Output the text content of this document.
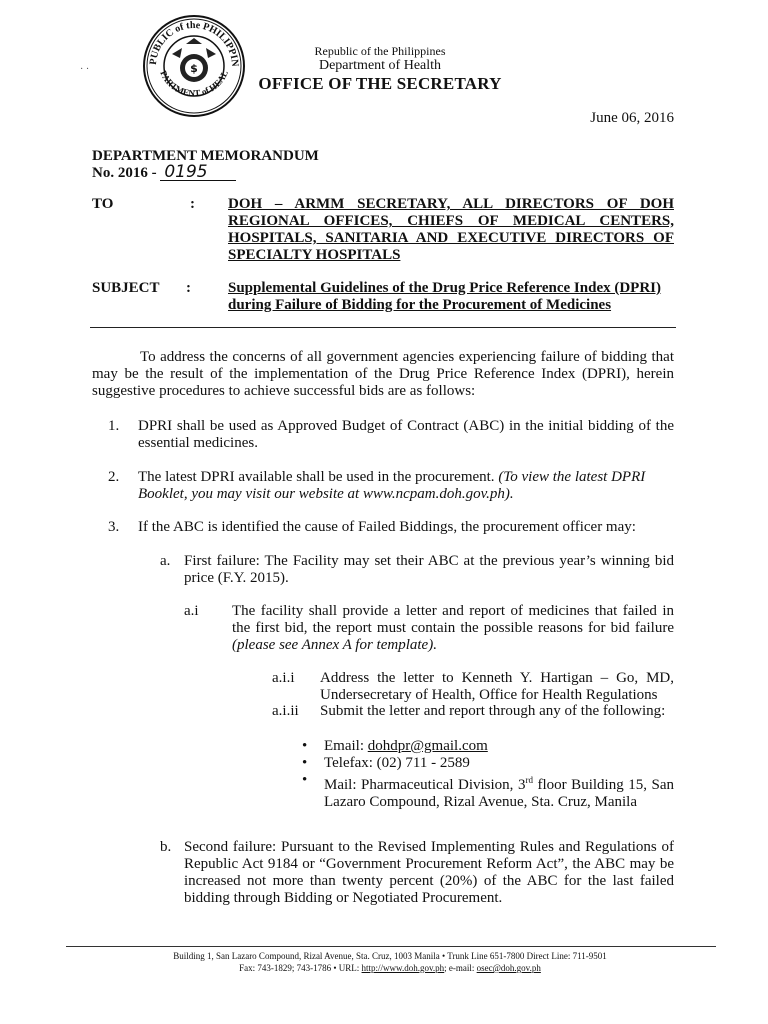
PUBLIC of the PHILIPPIN
PARTMENT of HEAL
$
· ·
Republic of the Philippines
Department of Health
OFFICE OF THE SECRETARY
June 06, 2016
DEPARTMENT MEMORANDUM
No. 2016 - 0195
TO	: DOH – ARMM SECRETARY, ALL DIRECTORS OF DOH REGIONAL OFFICES, CHIEFS OF MEDICAL CENTERS, HOSPITALS, SANITARIA AND EXECUTIVE DIRECTORS OF SPECIALTY HOSPITALS
SUBJECT : Supplemental Guidelines of the Drug Price Reference Index (DPRI) during Failure of Bidding for the Procurement of Medicines
To address the concerns of all government agencies experiencing failure of bidding that may be the result of the implementation of the Drug Price Reference Index (DPRI), herein suggestive procedures to achieve successful bids are as follows:
1. DPRI shall be used as Approved Budget of Contract (ABC) in the initial bidding of the essential medicines.
2. The latest DPRI available shall be used in the procurement. (To view the latest DPRI Booklet, you may visit our website at www.ncpam.doh.gov.ph).
3. If the ABC is identified the cause of Failed Biddings, the procurement officer may:
a. First failure: The Facility may set their ABC at the previous year’s winning bid price (F.Y. 2015).
a.i The facility shall provide a letter and report of medicines that failed in the first bid, the report must contain the possible reasons for bid failure (please see Annex A for template).
a.i.i Address the letter to Kenneth Y. Hartigan – Go, MD, Undersecretary of Health, Office for Health Regulations
a.i.ii Submit the letter and report through any of the following:
• Email: dohdpr@gmail.com
• Telefax: (02) 711 - 2589
• Mail: Pharmaceutical Division, 3rd floor Building 15, San Lazaro Compound, Rizal Avenue, Sta. Cruz, Manila
b. Second failure: Pursuant to the Revised Implementing Rules and Regulations of Republic Act 9184 or “Government Procurement Reform Act”, the ABC may be increased not more than twenty percent (20%) of the ABC for the last failed bidding through Bidding or Negotiated Procurement.
Building 1, San Lazaro Compound, Rizal Avenue, Sta. Cruz, 1003 Manila • Trunk Line 651-7800 Direct Line: 711-9501
Fax: 743-1829; 743-1786 • URL: http://www.doh.gov.ph; e-mail: osec@doh.gov.ph
